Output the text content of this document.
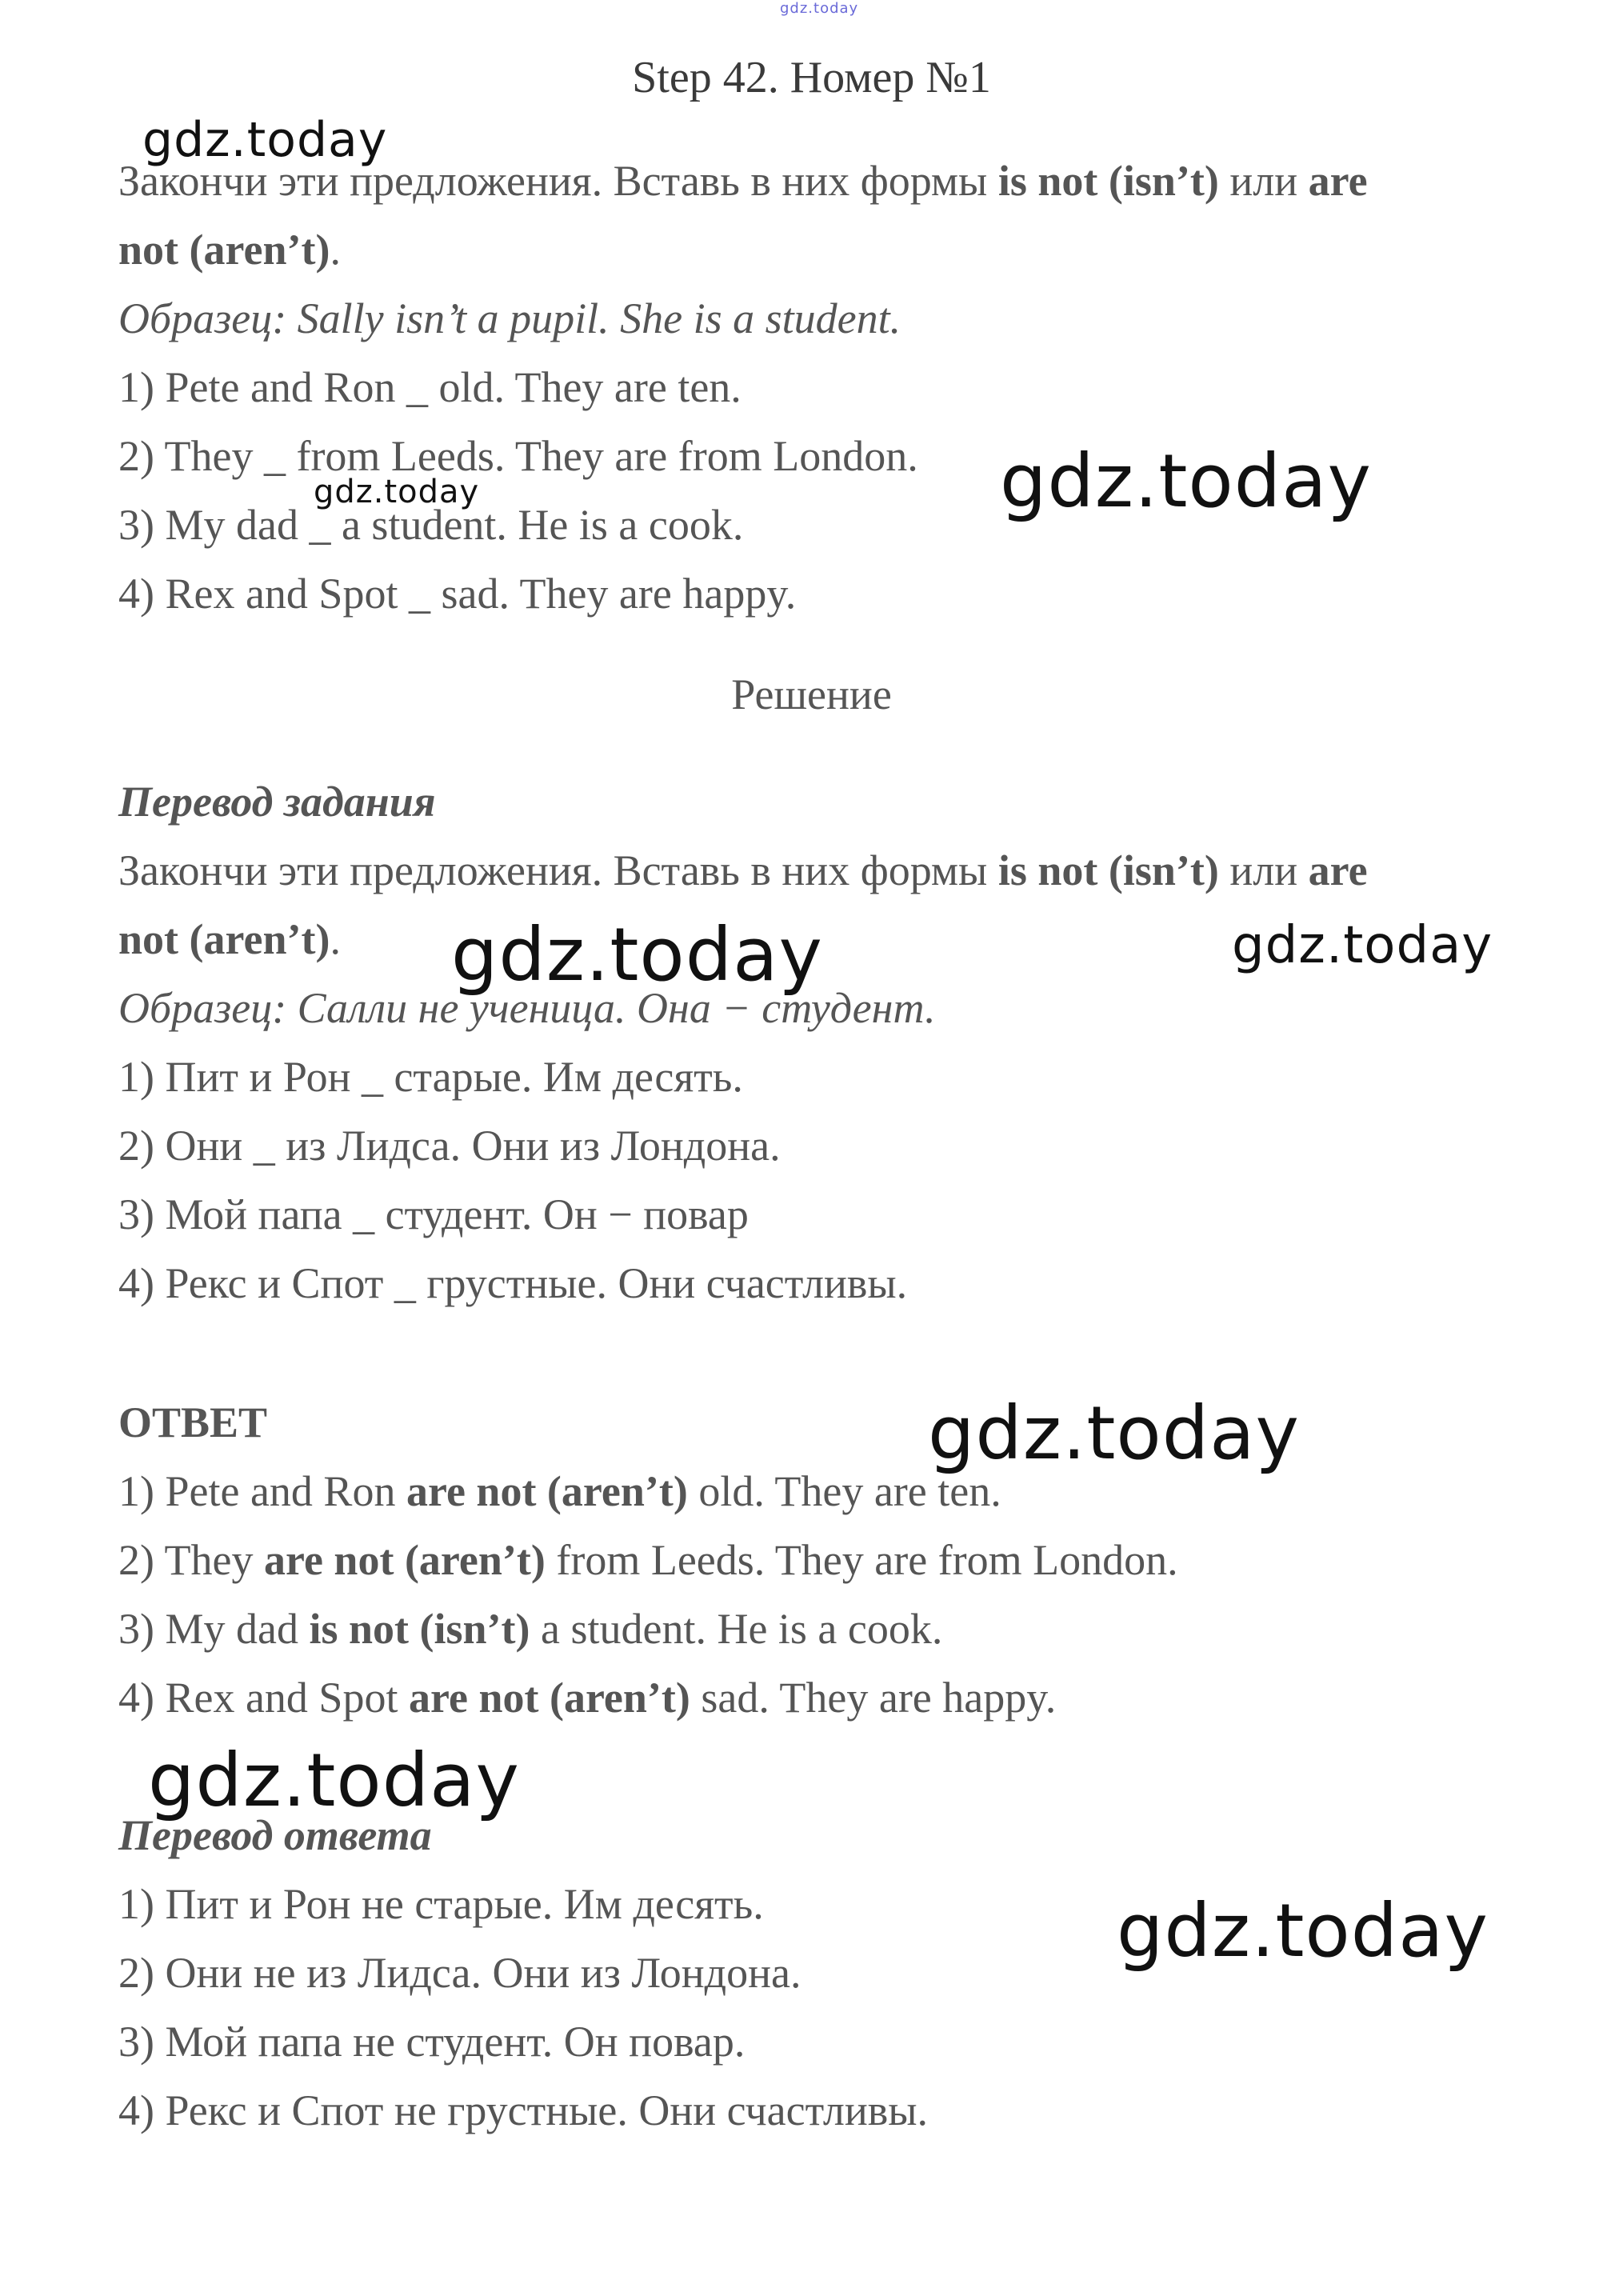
gdz.today
gdz.today
gdz.today
gdz.today
gdz.today	gdz.today
gdz.today
gdz.today
gdz.today
Step 42. Номер №1
Закончи эти предложения. Вставь в них формы is not (isn’t) или are
not (aren’t).
Образец: Sally isn’t a pupil. She is a student.
1) Pete and Ron _ old. They are ten.
2) They _ from Leeds. They are from London.
3) My dad _ a student. He is a cook.
4) Rex and Spot _ sad. They are happy.
Решение
Перевод задания
Закончи эти предложения. Вставь в них формы is not (isn’t) или are
not (aren’t).
Образец: Салли не ученица. Она − студент.
1) Пит и Рон _ старые. Им десять.
2) Они _ из Лидса. Они из Лондона.
3) Мой папа _ студент. Он − повар
4) Рекс и Спот _ грустные. Они счастливы.
ОТВЕТ
1) Pete and Ron are not (aren’t) old. They are ten.
2) They are not (aren’t) from Leeds. They are from London.
3) My dad is not (isn’t) a student. He is a cook.
4) Rex and Spot are not (aren’t) sad. They are happy.
Перевод ответа
1) Пит и Рон не старые. Им десять.
2) Они не из Лидса. Они из Лондона.
3) Мой папа не студент. Он повар.
4) Рекс и Спот не грустные. Они счастливы.
